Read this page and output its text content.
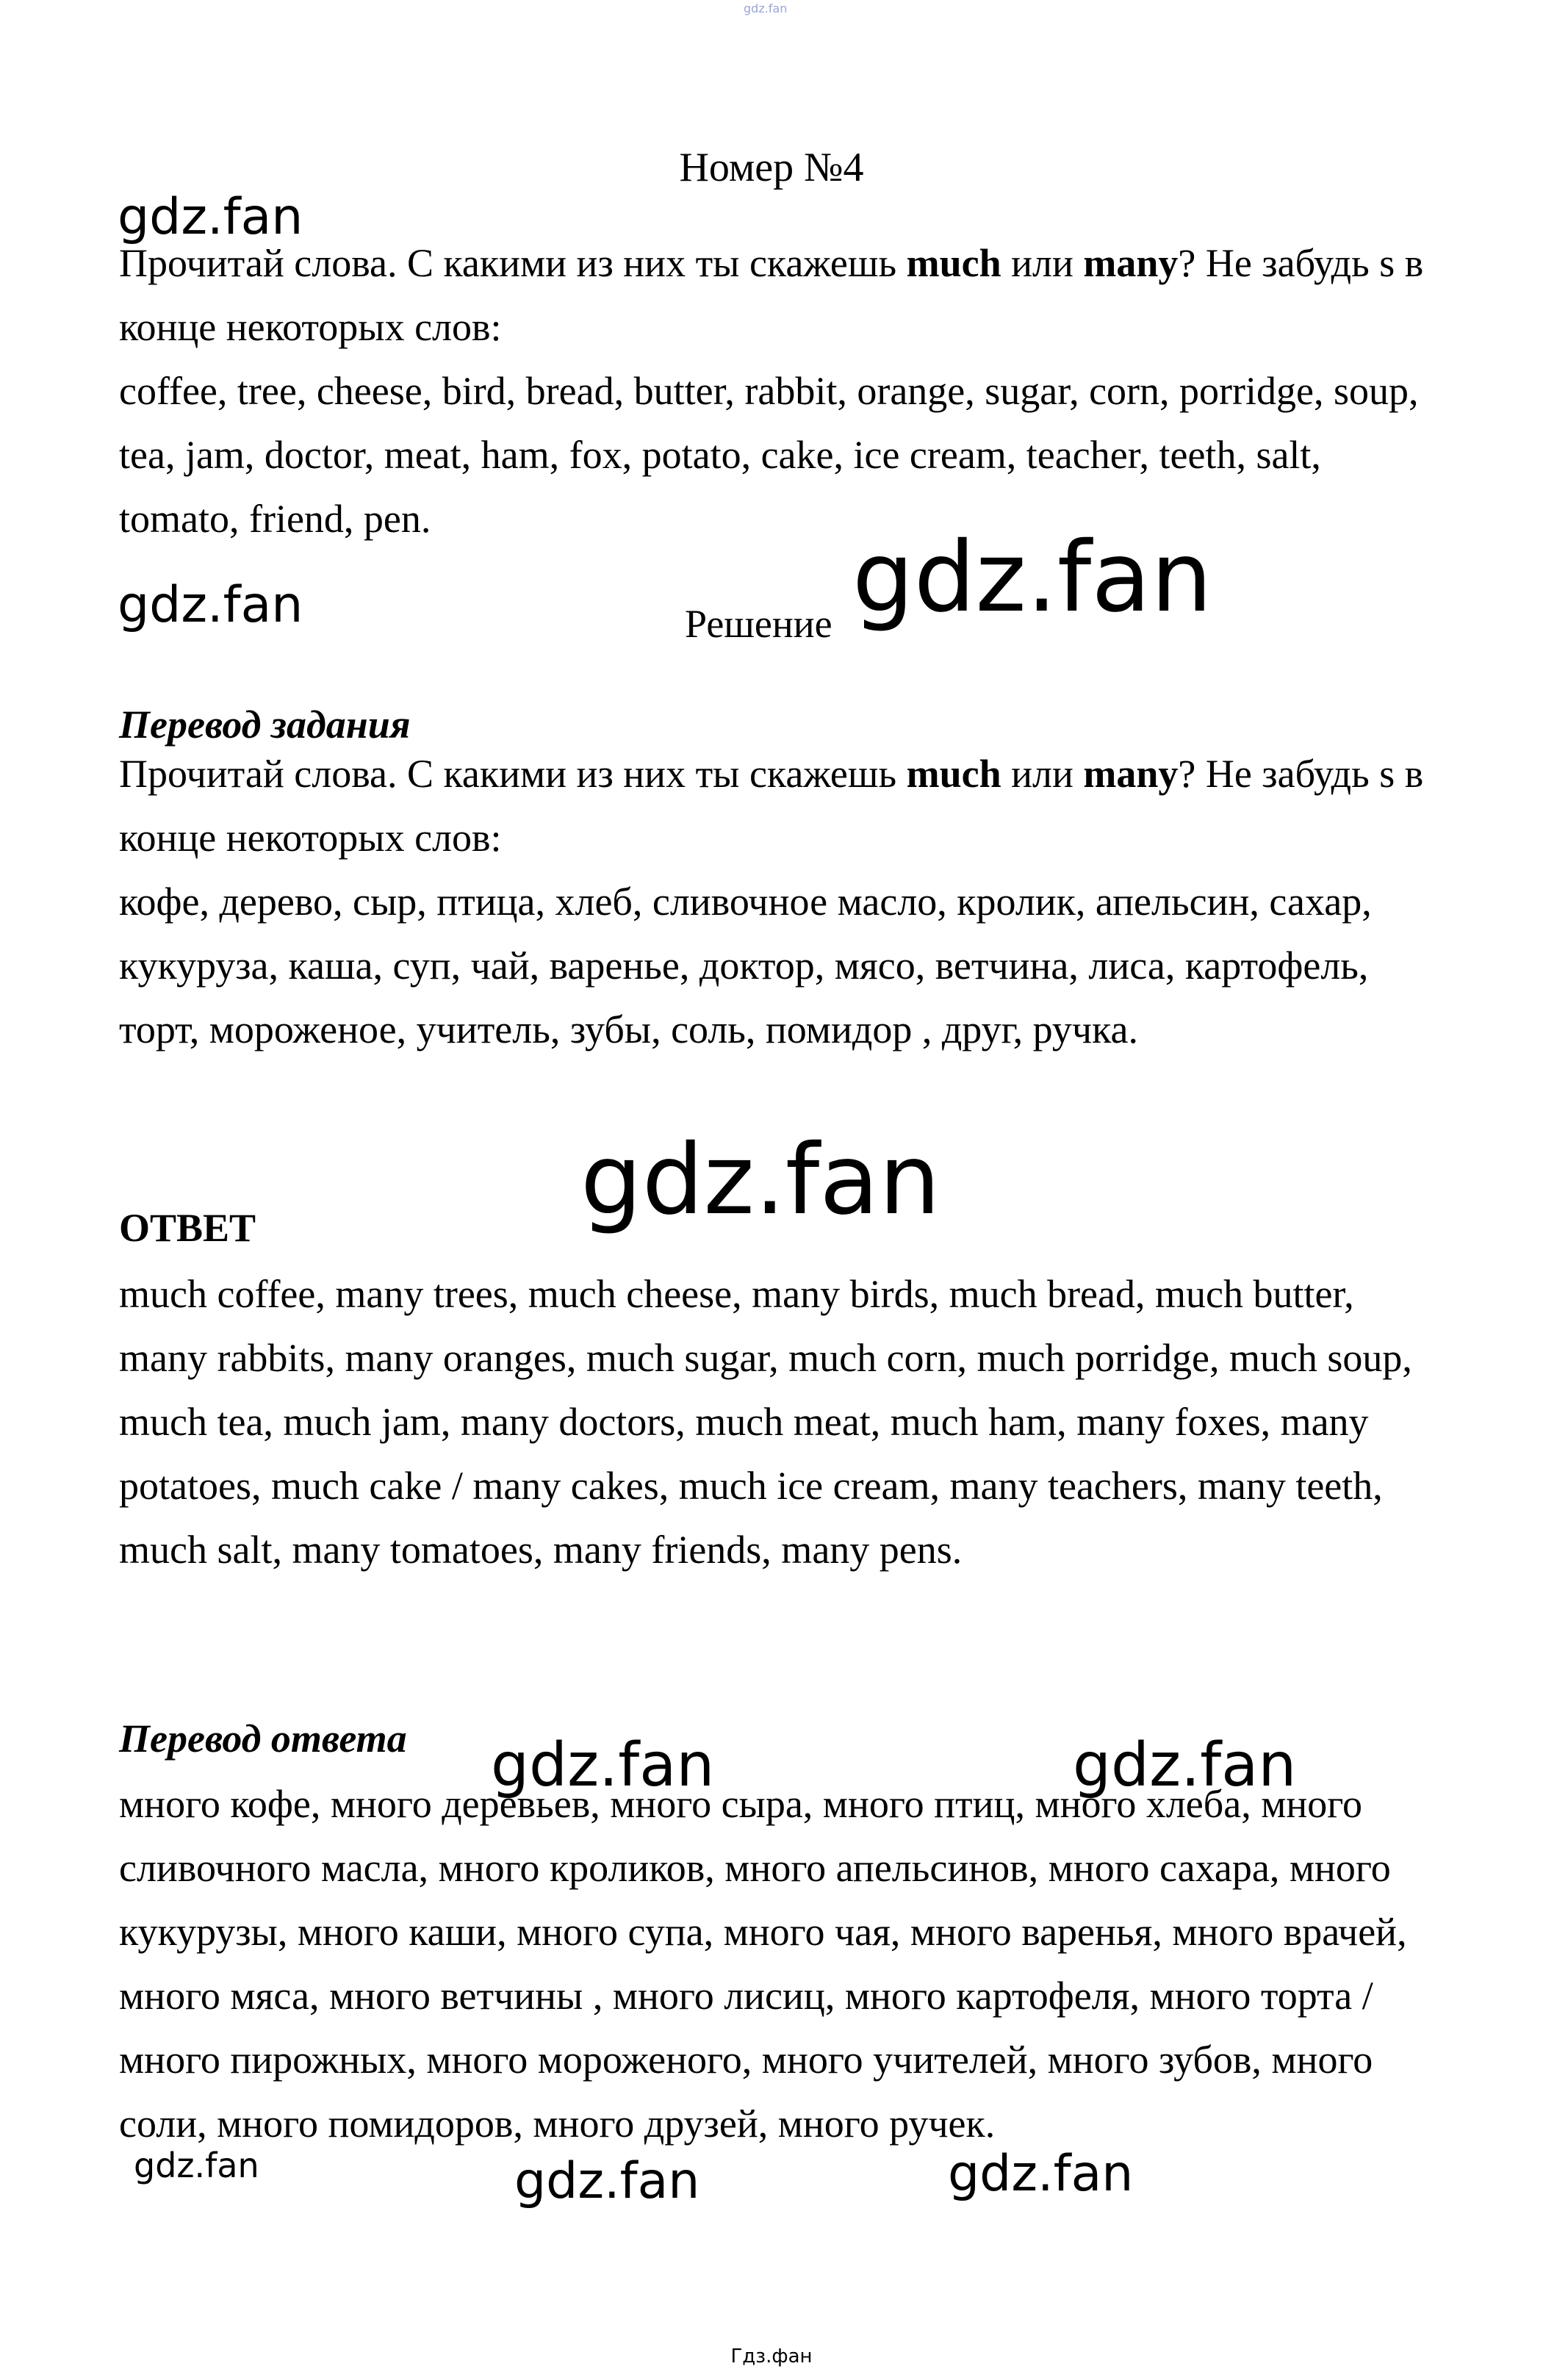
gdz.fan
Номер №4

Прочитай слова. С какими из них ты скажешь much или many? Не забудь s в конце некоторых слов:

coffee, tree, cheese, bird, bread, butter, rabbit, orange, sugar, corn, porridge, soup, tea, jam, doctor, meat, ham, fox, potato, cake, ice cream, teacher, teeth, salt, tomato, friend, pen.

Решение
Перевод задания

Прочитай слова. С какими из них ты скажешь much или many? Не забудь s в конце некоторых слов:

кофе, дерево, сыр, птица, хлеб, сливочное масло, кролик, апельсин, сахар, кукуруза, каша, суп, чай, варенье, доктор, мясо, ветчина, лиса, картофель, торт, мороженое, учитель, зубы, соль, помидор , друг, ручка.

ОТВЕТ

much coffee, many trees, much cheese, many birds, much bread, much butter, many rabbits, many oranges, much sugar, much corn, much porridge, much soup, much tea, much jam, many doctors, much meat, much ham, many foxes, many potatoes, much cake / many cakes, much ice cream, many teachers, many teeth, much salt, many tomatoes, many friends, many pens.

Перевод ответа

много кофе, много деревьев, много сыра, много птиц, много хлеба, много сливочного масла, много кроликов, много апельсинов, много сахара, много кукурузы, много каши, много супа, много чая, много варенья, много врачей, много мяса, много ветчины , много лисиц, много картофеля, много торта / много пирожных, много мороженого, много учителей, много зубов, много соли, много помидоров, много друзей, много ручек.

gdz.fan
gdz.fan	gdz.fan
gdz.fan
gdz.fan	gdz.fan
gdz.fan	gdz.fan	gdz.fan
Гдз.фан
